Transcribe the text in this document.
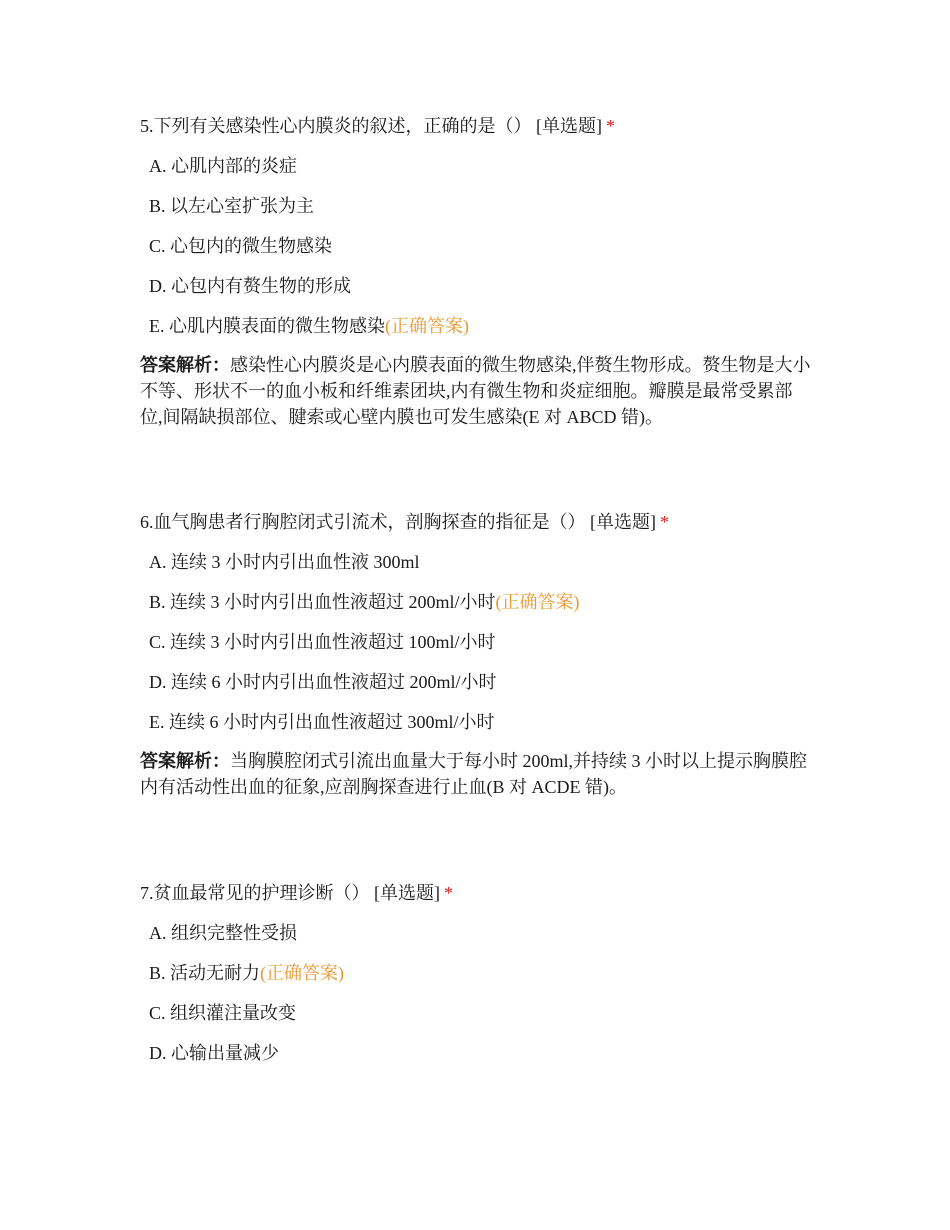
5.下列有关感染性心内膜炎的叙述，正确的是（） [单选题] *
A. 心肌内部的炎症
B. 以左心室扩张为主
C. 心包内的微生物感染
D. 心包内有赘生物的形成
E. 心肌内膜表面的微生物感染(正确答案)
答案解析：感染性心内膜炎是心内膜表面的微生物感染,伴赘生物形成。赘生物是大小不等、形状不一的血小板和纤维素团块,内有微生物和炎症细胞。瓣膜是最常受累部位,间隔缺损部位、腱索或心壁内膜也可发生感染(E 对 ABCD 错)。
6.血气胸患者行胸腔闭式引流术，剖胸探查的指征是（） [单选题] *
A. 连续 3 小时内引出血性液 300ml
B. 连续 3 小时内引出血性液超过 200ml/小时(正确答案)
C. 连续 3 小时内引出血性液超过 100ml/小时
D. 连续 6 小时内引出血性液超过 200ml/小时
E. 连续 6 小时内引出血性液超过 300ml/小时
答案解析：当胸膜腔闭式引流出血量大于每小时 200ml,并持续 3 小时以上提示胸膜腔内有活动性出血的征象,应剖胸探查进行止血(B 对 ACDE 错)。
7.贫血最常见的护理诊断（） [单选题] *
A. 组织完整性受损
B. 活动无耐力(正确答案)
C. 组织灌注量改变
D. 心输出量减少
